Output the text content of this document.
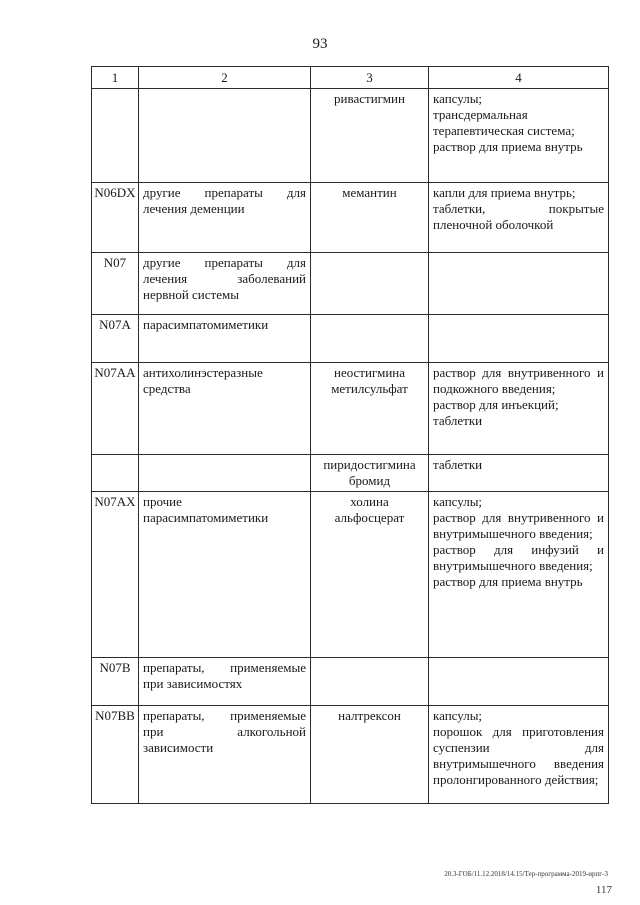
93
1	2	3	4
		ривастигмин	капсулы;
трансдермальная терапевтическая система;
раствор для приема внутрь

N06DX	другие препараты для лечения деменции	мемантин	капли для приема внутрь;
таблетки, покрытые пленочной оболочкой

N07	другие препараты для лечения заболеваний нервной системы		
N07A	парасимпатомиметики		
N07AA	антихолинэстеразные средства	неостигмина метилсульфат	раствор для внутривенного и подкожного введения;
раствор для инъекций;
таблетки

		пиридостигмина бромид	таблетки

N07AX	прочие парасимпатомиметики	холина альфосцерат	капсулы;
раствор для внутривенного и внутримышечного введения;
раствор для инфузий и внутримышечного введения;
раствор для приема внутрь

N07B	препараты, применяемые при зависимостях		
N07BB	препараты, применяемые при алкогольной зависимости	налтрексон	капсулы;
порошок для приготовления суспензии для внутримышечного введения пролонгированного действия;
20.3-ГОБ/11.12.2018/14.15/Тер-программа-2019-ирпг-3
117
